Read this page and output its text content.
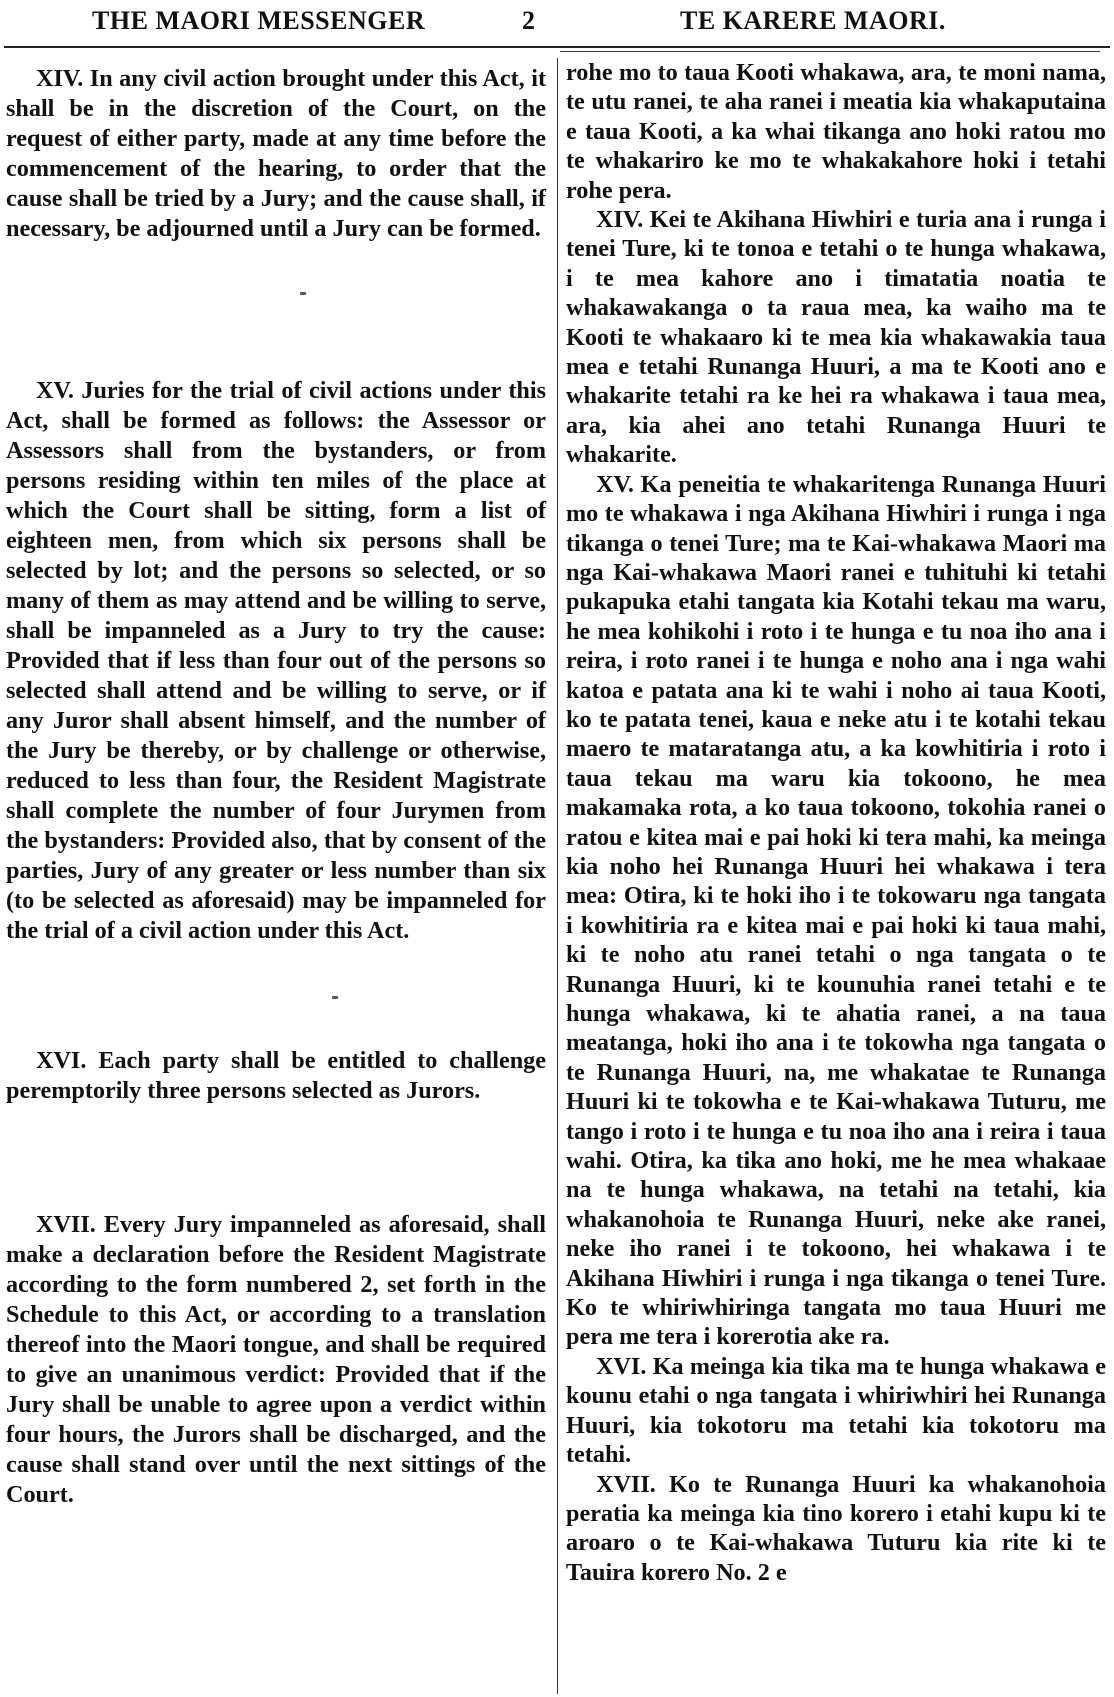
THE MAORI MESSENGER	2	TE KARERE MAORI.

XIV. In any civil action brought under this Act, it shall be in the discretion of the Court, on the request of either party, made at any time before the commencement of the hearing, to order that the cause shall be tried by a Jury; and the cause shall, if necessary, be adjourned until a Jury can be formed.

XV. Juries for the trial of civil actions under this Act, shall be formed as follows: the Assessor or Assessors shall from the bystanders, or from persons residing within ten miles of the place at which the Court shall be sitting, form a list of eighteen men, from which six persons shall be selected by lot; and the persons so selected, or so many of them as may attend and be willing to serve, shall be impanneled as a Jury to try the cause: Provided that if less than four out of the persons so selected shall attend and be willing to serve, or if any Juror shall absent himself, and the number of the Jury be thereby, or by challenge or otherwise, reduced to less than four, the Resident Magistrate shall complete the number of four Jurymen from the bystanders: Provided also, that by consent of the parties, Jury of any greater or less number than six (to be selected as aforesaid) may be impanneled for the trial of a civil action under this Act.

XVI. Each party shall be entitled to challenge peremptorily three persons selected as Jurors.

XVII. Every Jury impanneled as aforesaid, shall make a declaration before the Resident Magistrate according to the form numbered 2, set forth in the Schedule to this Act, or according to a translation thereof into the Maori tongue, and shall be required to give an unanimous verdict: Provided that if the Jury shall be unable to agree upon a verdict within four hours, the Jurors shall be discharged, and the cause shall stand over until the next sittings of the Court.

rohe mo to taua Kooti whakawa, ara, te moni nama, te utu ranei, te aha ranei i meatia kia whakaputaina e taua Kooti, a ka whai tikanga ano hoki ratou mo te whakariro ke mo te whakakahore hoki i tetahi rohe pera.

XIV. Kei te Akihana Hiwhiri e turia ana i runga i tenei Ture, ki te tonoa e tetahi o te hunga whakawa, i te mea kahore ano i timatatia noatia te whakawakanga o ta raua mea, ka waiho ma te Kooti te whakaaro ki te mea kia whakawakia taua mea e tetahi Runanga Huuri, a ma te Kooti ano e whakarite tetahi ra ke hei ra whakawa i taua mea, ara, kia ahei ano tetahi Runanga Huuri te whakarite.

XV. Ka peneitia te whakaritenga Runanga Huuri mo te whakawa i nga Akihana Hiwhiri i runga i nga tikanga o tenei Ture; ma te Kai-whakawa Maori ma nga Kai-whakawa Maori ranei e tuhituhi ki tetahi pukapuka etahi tangata kia Kotahi tekau ma waru, he mea kohikohi i roto i te hunga e tu noa iho ana i reira, i roto ranei i te hunga e noho ana i nga wahi katoa e patata ana ki te wahi i noho ai taua Kooti, ko te patata tenei, kaua e neke atu i te kotahi tekau maero te mataratanga atu, a ka kowhitiria i roto i taua tekau ma waru kia tokoono, he mea makamaka rota, a ko taua tokoono, tokohia ranei o ratou e kitea mai e pai hoki ki tera mahi, ka meinga kia noho hei Runanga Huuri hei whakawa i tera mea: Otira, ki te hoki iho i te tokowaru nga tangata i kowhitiria ra e kitea mai e pai hoki ki taua mahi, ki te noho atu ranei tetahi o nga tangata o te Runanga Huuri, ki te kounuhia ranei tetahi e te hunga whakawa, ki te ahatia ranei, a na taua meatanga, hoki iho ana i te tokowha nga tangata o te Runanga Huuri, na, me whakatae te Runanga Huuri ki te tokowha e te Kai-whakawa Tuturu, me tango i roto i te hunga e tu noa iho ana i reira i taua wahi. Otira, ka tika ano hoki, me he mea whakaae na te hunga whakawa, na tetahi na tetahi, kia whakanohoia te Runanga Huuri, neke ake ranei, neke iho ranei i te tokoono, hei whakawa i te Akihana Hiwhiri i runga i nga tikanga o tenei Ture. Ko te whiriwhiringa tangata mo taua Huuri me pera me tera i korerotia ake ra.

XVI. Ka meinga kia tika ma te hunga whakawa e kounu etahi o nga tangata i whiriwhiri hei Runanga Huuri, kia tokotoru ma tetahi kia tokotoru ma tetahi.

XVII. Ko te Runanga Huuri ka whakanohoia peratia ka meinga kia tino korero i etahi kupu ki te aroaro o te Kai-whakawa Tuturu kia rite ki te Tauira korero No. 2 e
